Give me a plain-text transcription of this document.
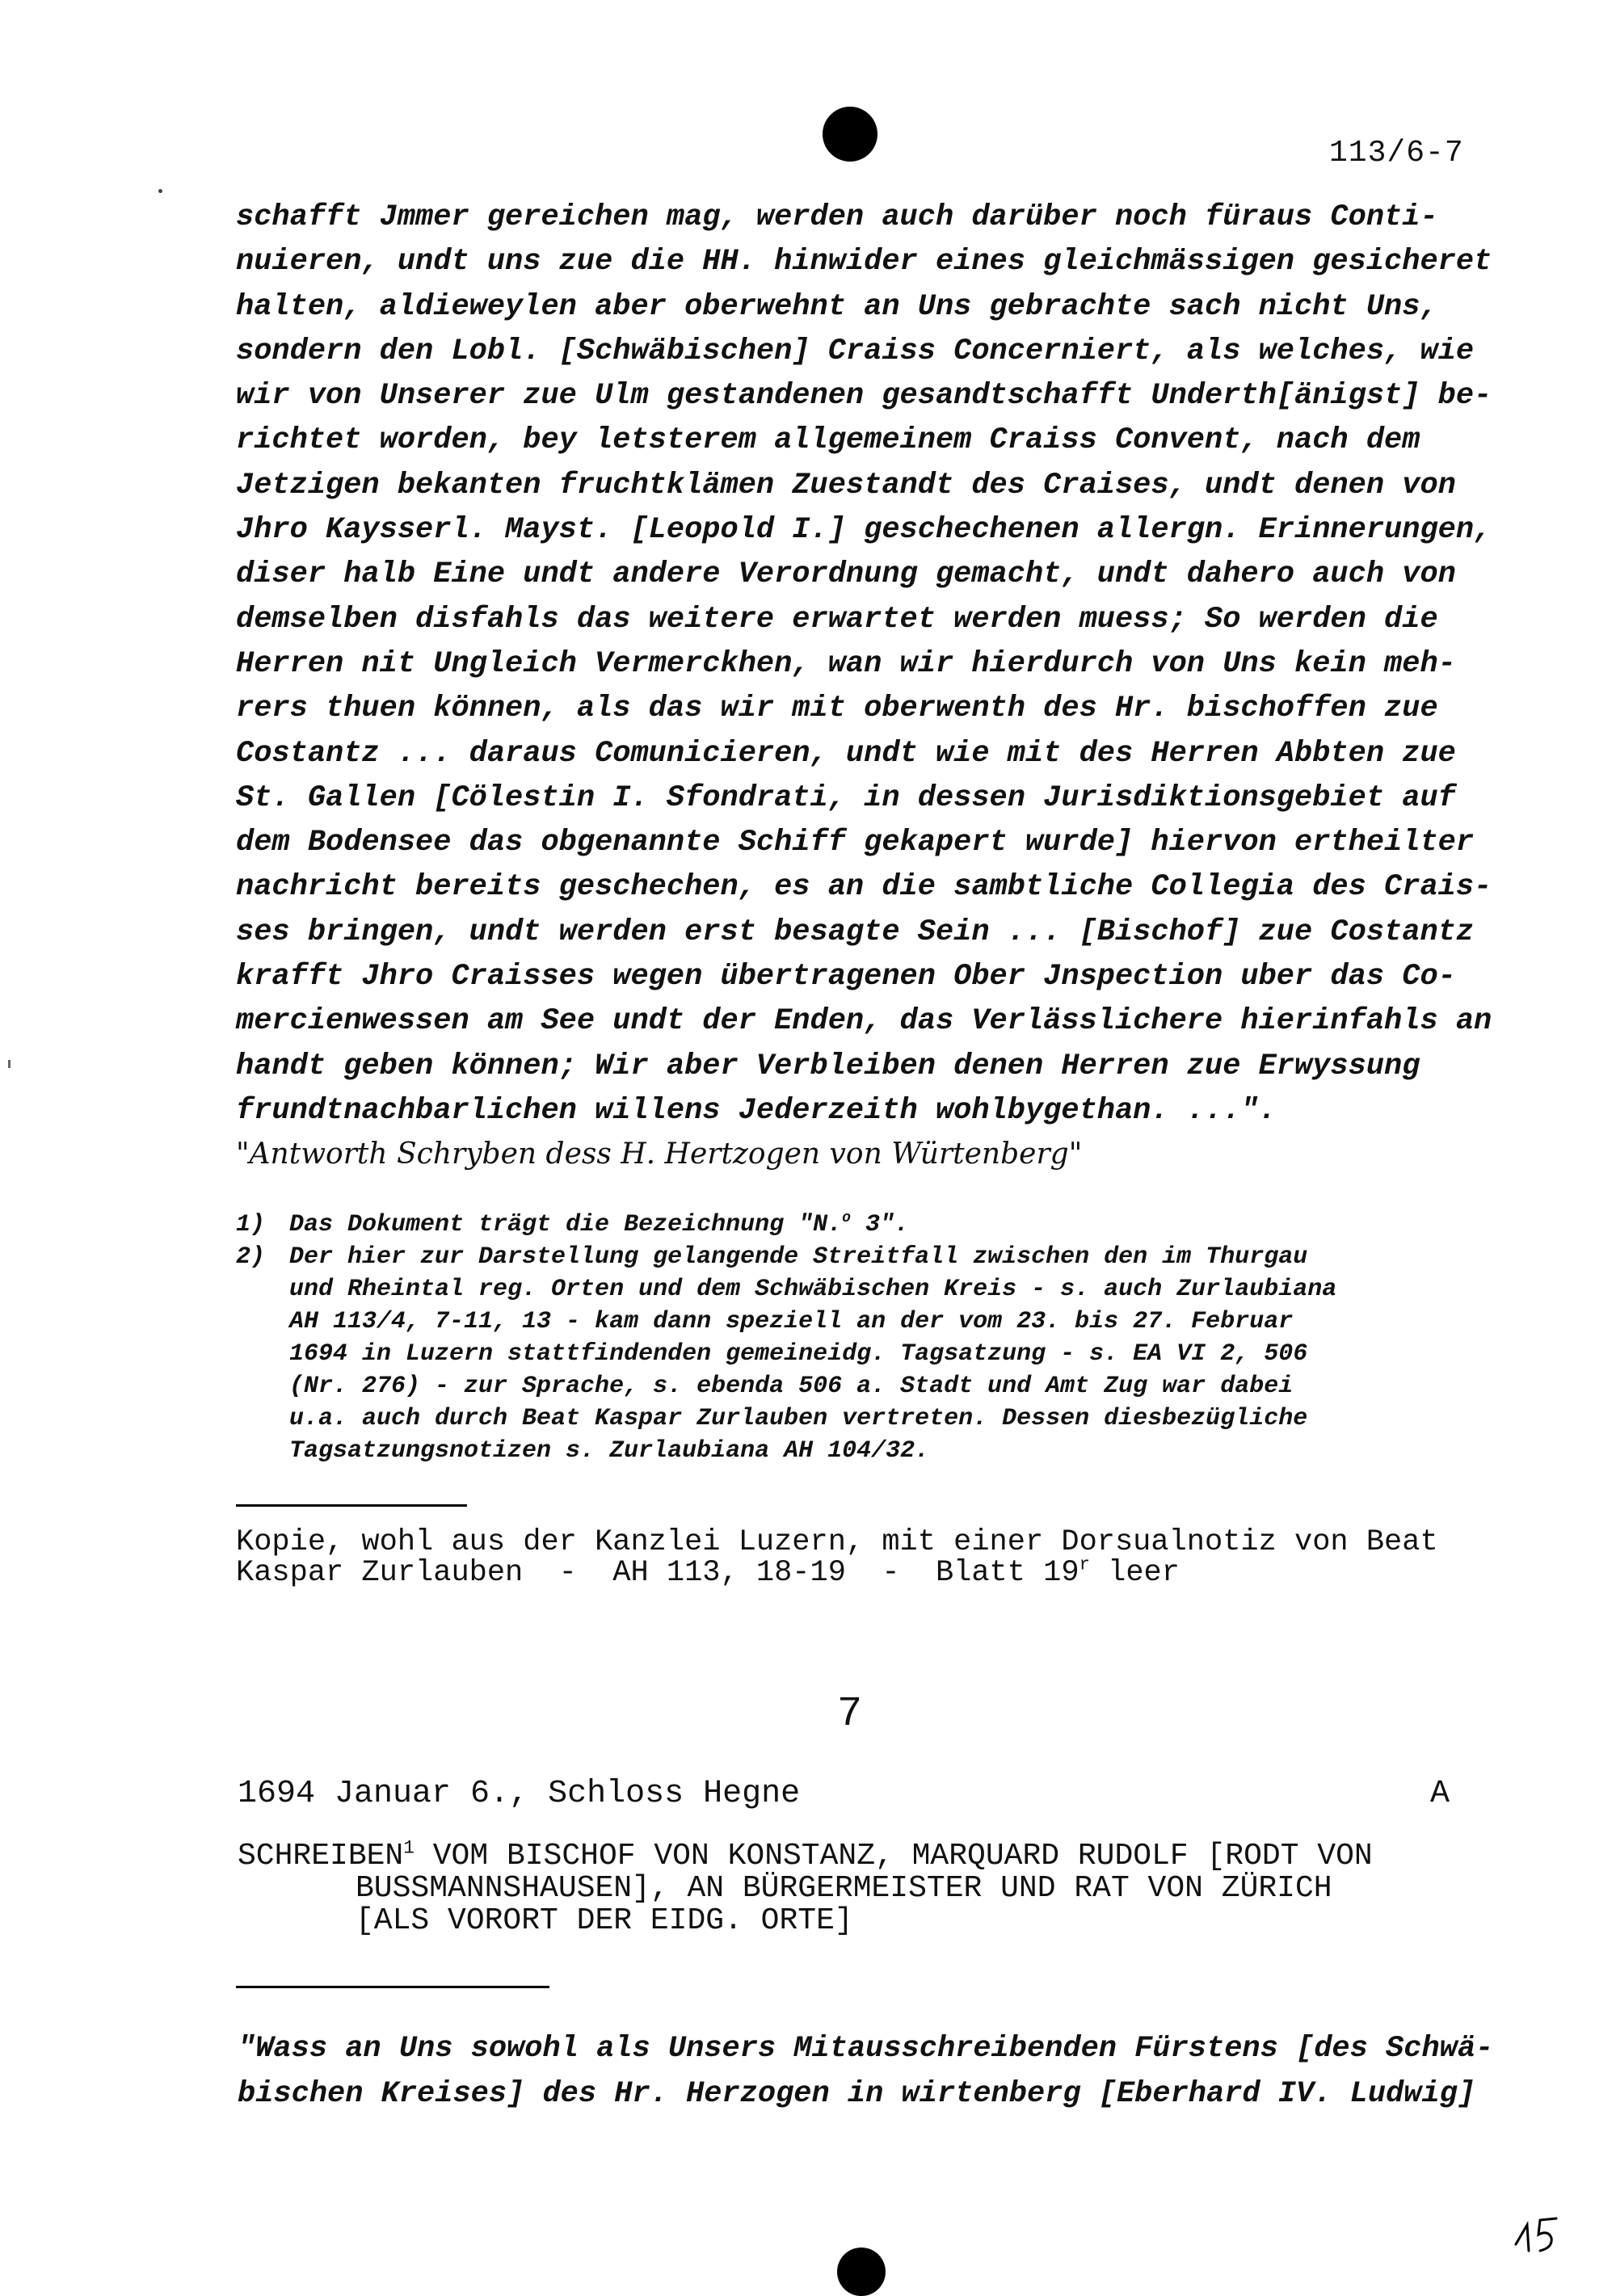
113/6-7
schafft Jmmer gereichen mag, werden auch darüber noch füraus Conti-
nuieren, undt uns zue die HH. hinwider eines gleichmässigen gesicheret
halten, aldieweylen aber oberwehnt an Uns gebrachte sach nicht Uns,
sondern den Lobl. [Schwäbischen] Craiss Concerniert, als welches, wie
wir von Unserer zue Ulm gestandenen gesandtschafft Underth[änigst] be-
richtet worden, bey letsterem allgemeinem Craiss Convent, nach dem
Jetzigen bekanten fruchtklämen Zuestandt des Craises, undt denen von
Jhro Kaysserl. Mayst. [Leopold I.] geschechenen allergn. Erinnerungen,
diser halb Eine undt andere Verordnung gemacht, undt dahero auch von
demselben disfahls das weitere erwartet werden muess; So werden die
Herren nit Ungleich Vermerckhen, wan wir hierdurch von Uns kein meh-
rers thuen können, als das wir mit oberwenth des Hr. bischoffen zue
Costantz ... daraus Comunicieren, undt wie mit des Herren Abbten zue
St. Gallen [Cölestin I. Sfondrati, in dessen Jurisdiktionsgebiet auf
dem Bodensee das obgenannte Schiff gekapert wurde] hiervon ertheilter
nachricht bereits geschechen, es an die sambtliche Collegia des Crais-
ses bringen, undt werden erst besagte Sein ... [Bischof] zue Costantz
krafft Jhro Craisses wegen übertragenen Ober Jnspection uber das Co-
mercienwessen am See undt der Enden, das Verlässlichere hierinfahls an
handt geben können; Wir aber Verbleiben denen Herren zue Erwyssung
frundtnachbarlichen willens Jederzeith wohlbygethan. ...".
"Antworth Schryben dess H. Hertzogen von Würtenberg"
1) Das Dokument trägt die Bezeichnung "N.$^o$ 3".
2) Der hier zur Darstellung gelangende Streitfall zwischen den im Thurgau
und Rheintal reg. Orten und dem Schwäbischen Kreis - s. auch Zurlaubiana
AH 113/4, 7-11, 13 - kam dann speziell an der vom 23. bis 27. Februar
1694 in Luzern stattfindenden gemeineidg. Tagsatzung - s. EA VI 2, 506
(Nr. 276) - zur Sprache, s. ebenda 506 a. Stadt und Amt Zug war dabei
u.a. auch durch Beat Kaspar Zurlauben vertreten. Dessen diesbezügliche
Tagsatzungsnotizen s. Zurlaubiana AH 104/32.
Kopie, wohl aus der Kanzlei Luzern, mit einer Dorsualnotiz von Beat
Kaspar Zurlauben  -  AH 113, 18-19  -  Blatt 19$^r$ leer
7
1694 Januar 6., Schloss Hegne	A
SCHREIBEN$^1$ VOM BISCHOF VON KONSTANZ, MARQUARD RUDOLF [RODT VON
BUSSMANNSHAUSEN], AN BÜRGERMEISTER UND RAT VON ZÜRICH
[ALS VORORT DER EIDG. ORTE]
"Wass an Uns sowohl als Unsers Mitausschreibenden Fürstens [des Schwä-
bischen Kreises] des Hr. Herzogen in wirtenberg [Eberhard IV. Ludwig]
